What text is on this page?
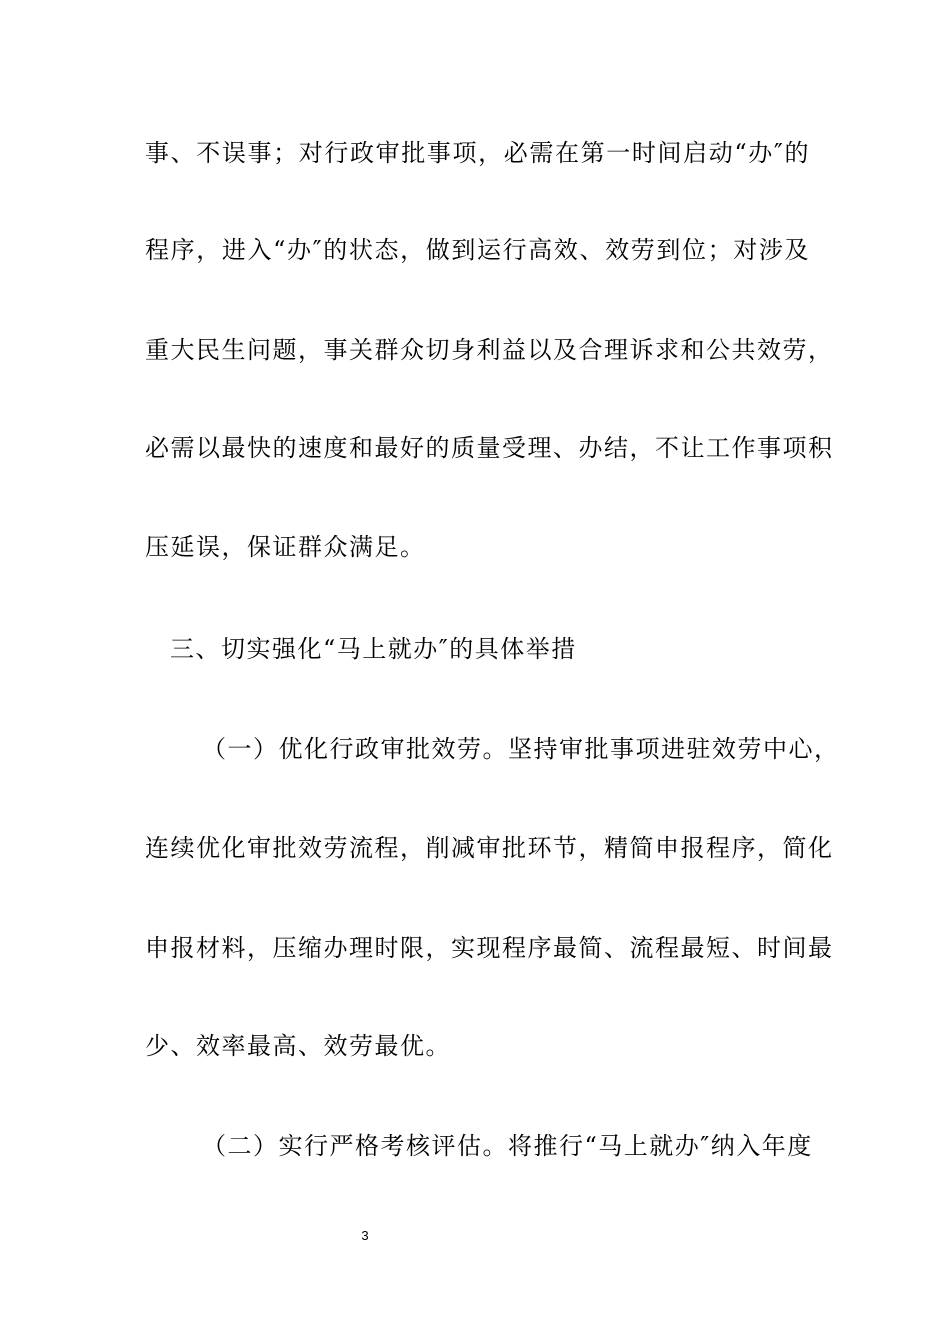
事、不误事；对行政审批事项，必需在第一时间启动“办″的
程序，进入“办″的状态，做到运行高效、效劳到位；对涉及
重大民生问题，事关群众切身利益以及合理诉求和公共效劳，
必需以最快的速度和最好的质量受理、办结，不让工作事项积
压延误，保证群众满足。
三、切实强化“马上就办″的具体举措
（一）优化行政审批效劳。坚持审批事项进驻效劳中心，
连续优化审批效劳流程，削减审批环节，精简申报程序，简化
申报材料，压缩办理时限，实现程序最简、流程最短、时间最
少、效率最高、效劳最优。
（二）实行严格考核评估。将推行“马上就办″纳入年度
3
